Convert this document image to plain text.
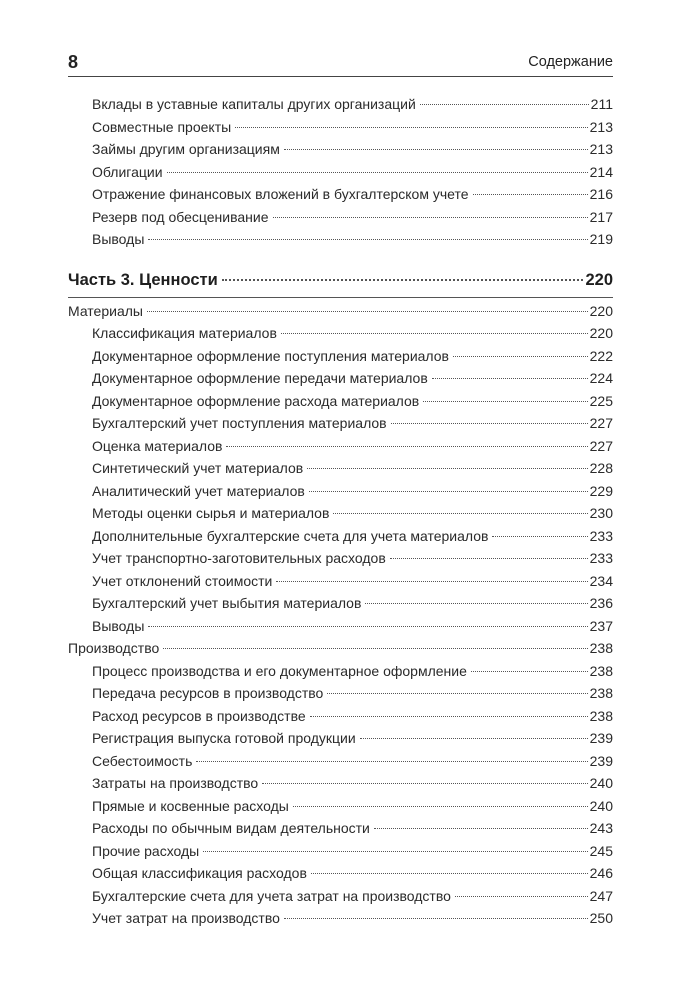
8	Содержание
Вклады в уставные капиталы других организаций	211
Совместные проекты	213
Займы другим организациям	213
Облигации	214
Отражение финансовых вложений в бухгалтерском учете	216
Резерв под обесценивание	217
Выводы	219
Часть 3. Ценности	220
Материалы	220
Классификация материалов	220
Документарное оформление поступления материалов	222
Документарное оформление передачи материалов	224
Документарное оформление расхода материалов	225
Бухгалтерский учет поступления материалов	227
Оценка материалов	227
Синтетический учет материалов	228
Аналитический учет материалов	229
Методы оценки сырья и материалов	230
Дополнительные бухгалтерские счета для учета материалов	233
Учет транспортно-заготовительных расходов	233
Учет отклонений стоимости	234
Бухгалтерский учет выбытия материалов	236
Выводы	237
Производство	238
Процесс производства и его документарное оформление	238
Передача ресурсов в производство	238
Расход ресурсов в производстве	238
Регистрация выпуска готовой продукции	239
Себестоимость	239
Затраты на производство	240
Прямые и косвенные расходы	240
Расходы по обычным видам деятельности	243
Прочие расходы	245
Общая классификация расходов	246
Бухгалтерские счета для учета затрат на производство	247
Учет затрат на производство	250
